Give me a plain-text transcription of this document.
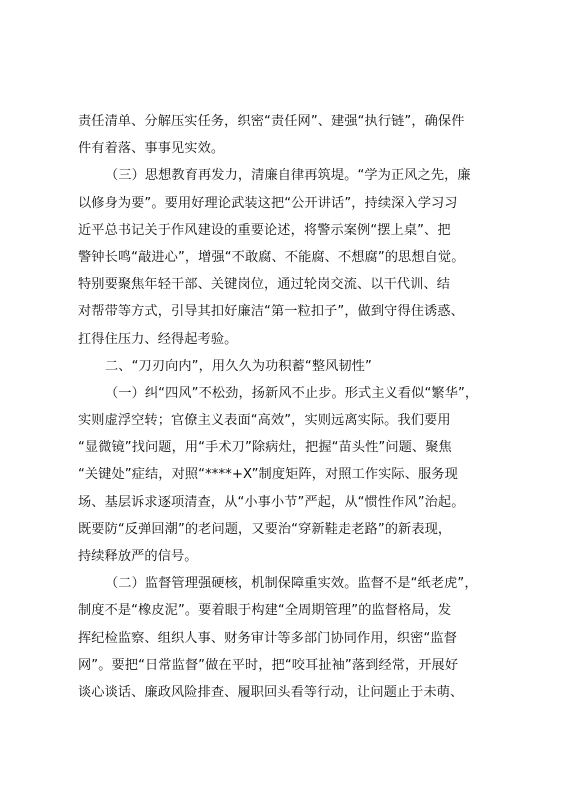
责任清单、分解压实任务，织密“责任网”、建强“执行链”，确保件
件有着落、事事见实效。
（三）思想教育再发力，清廉自律再筑堤。“学为正风之先，廉
以修身为要”。要用好理论武装这把“公开讲话”，持续深入学习习
近平总书记关于作风建设的重要论述，将警示案例“摆上桌”、把
警钟长鸣“敲进心”，增强“不敢腐、不能腐、不想腐”的思想自觉。
特别要聚焦年轻干部、关键岗位，通过轮岗交流、以干代训、结
对帮带等方式，引导其扣好廉洁“第一粒扣子”，做到守得住诱惑、
扛得住压力、经得起考验。
二、“刀刃向内”，用久久为功积蓄“整风韧性”
（一）纠“四风”不松劲，扬新风不止步。形式主义看似“繁华”，
实则虚浮空转；官僚主义表面“高效”，实则远离实际。我们要用
“显微镜”找问题，用“手术刀”除病灶，把握“苗头性”问题、聚焦
“关键处”症结，对照“****+X”制度矩阵，对照工作实际、服务现
场、基层诉求逐项清查，从“小事小节”严起，从“惯性作风”治起。
既要防“反弹回潮”的老问题，又要治“穿新鞋走老路”的新表现，
持续释放严的信号。
（二）监督管理强硬核，机制保障重实效。监督不是“纸老虎”，
制度不是“橡皮泥”。要着眼于构建“全周期管理”的监督格局，发
挥纪检监察、组织人事、财务审计等多部门协同作用，织密“监督
网”。要把“日常监督”做在平时，把“咬耳扯袖”落到经常，开展好
谈心谈话、廉政风险排查、履职回头看等行动，让问题止于未萌、
